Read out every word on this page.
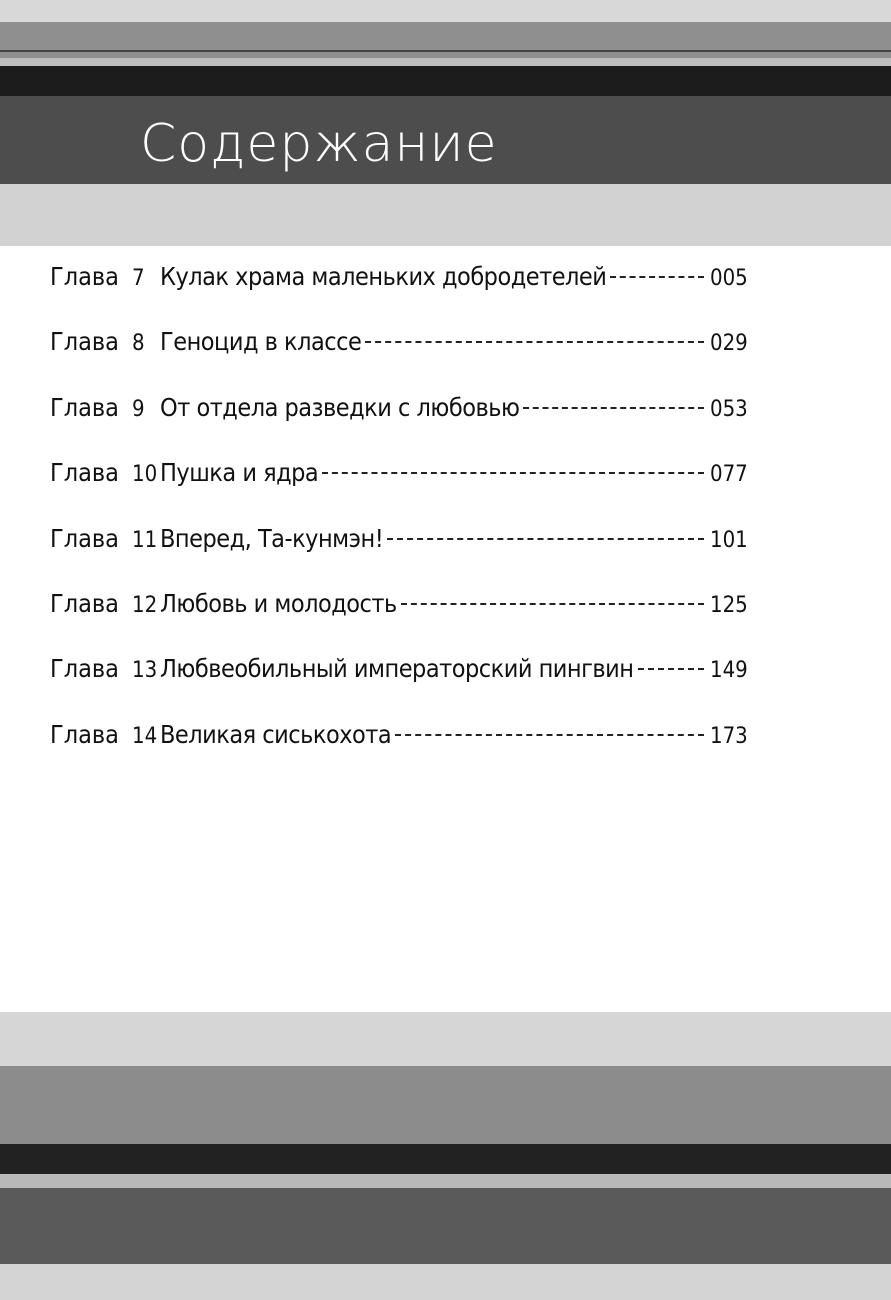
Содержание
Глава 7 Кулак храма маленьких добродетелей	005
Глава 8 Геноцид в классе	029
Глава 9 От отдела разведки с любовью	053
Глава 10 Пушка и ядра	077
Глава 11 Вперед, Та-кунмэн!	101
Глава 12 Любовь и молодость	125
Глава 13 Любвеобильный императорский пингвин	149
Глава 14 Великая сиськохота	173
